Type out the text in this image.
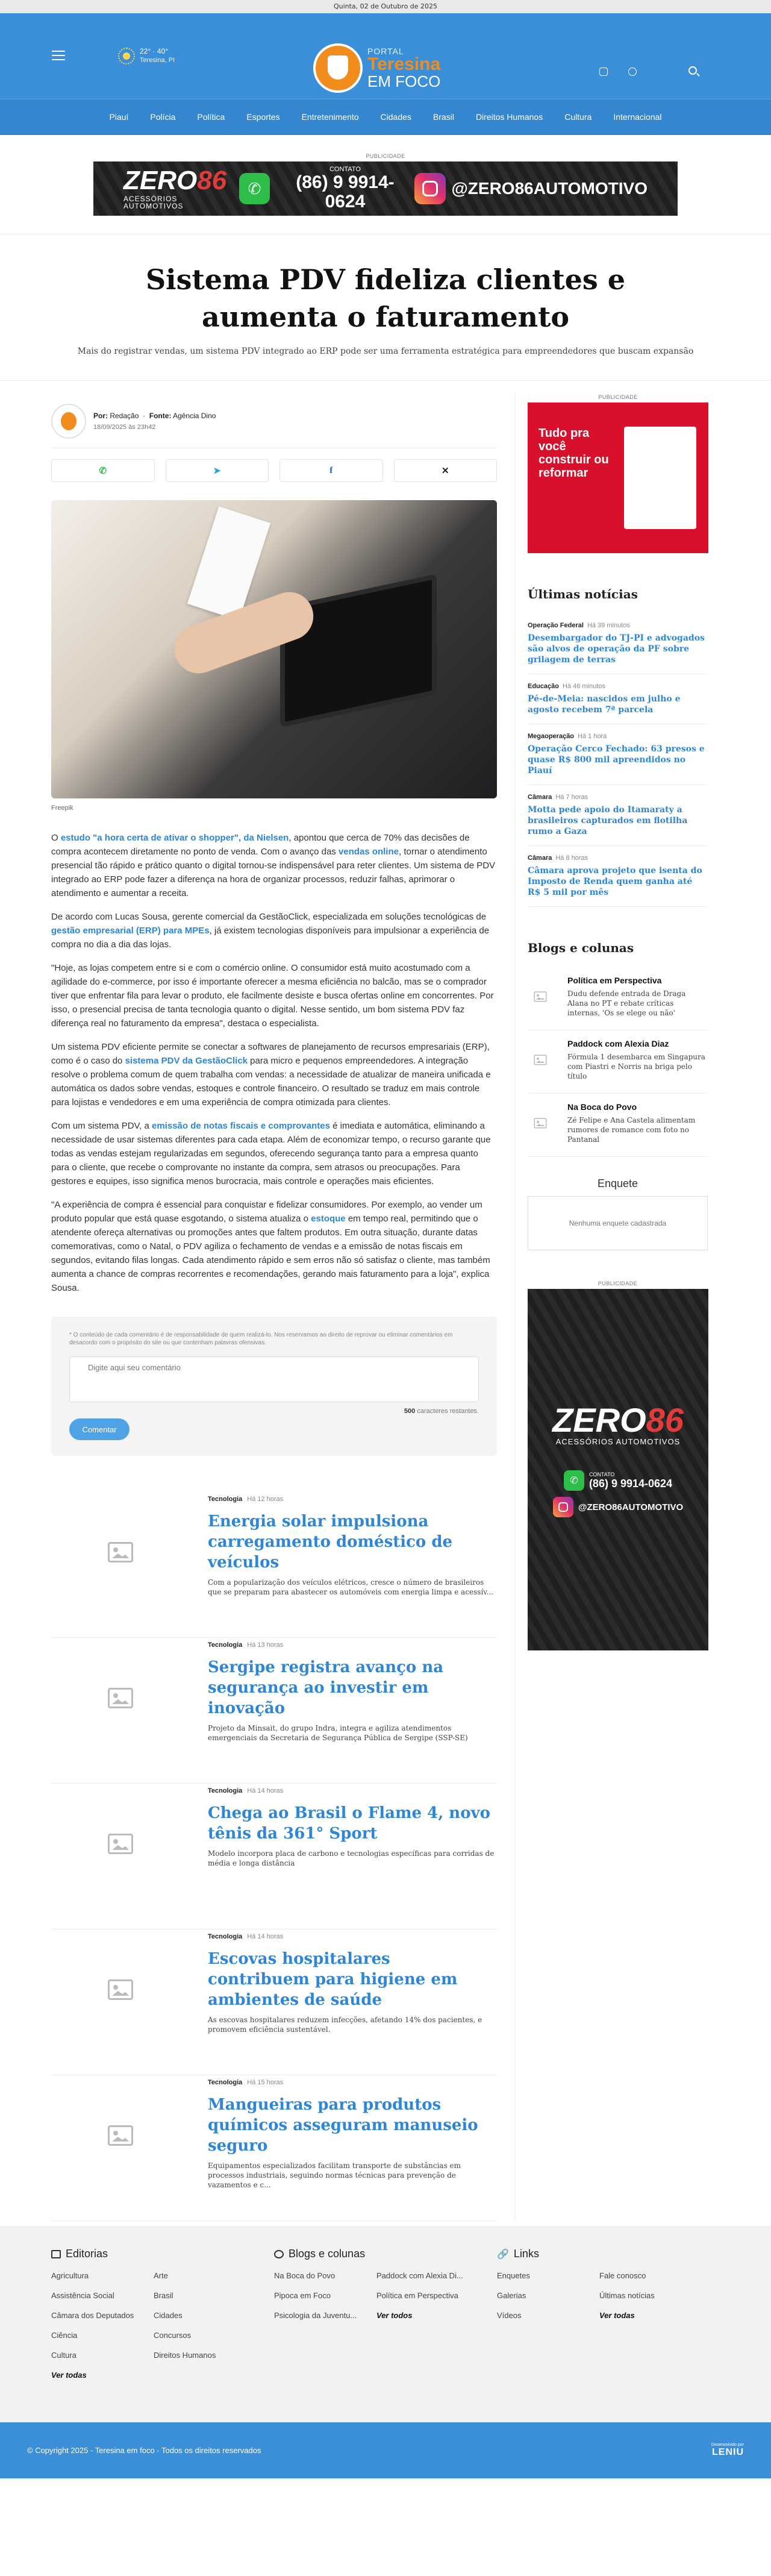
Quinta, 02 de Outubro de 2025
22° · 40°
Teresina, PI
PORTAL
Teresina
EM FOCO
Piauí	Polícia	Política	Esportes	Entretenimento	Cidades	Brasil	Direitos Humanos	Cultura	Internacional
PUBLICIDADE
ZERO86
ACESSÓRIOS AUTOMOTIVOS
✆
CONTATO
(86) 9 9914-0624
@ZERO86AUTOMOTIVO
Sistema PDV fideliza clientes e aumenta o faturamento

Mais do registrar vendas, um sistema PDV integrado ao ERP pode ser uma ferramenta estratégica para empreendedores que buscam expansão

Por: Redação  ·  Fonte: Agência Dino
18/09/2025 às 23h42
✆	➤	f	✕
Freepik

O estudo "a hora certa de ativar o shopper", da Nielsen, apontou que cerca de 70% das decisões de compra acontecem diretamente no ponto de venda. Com o avanço das vendas online, tornar o atendimento presencial tão rápido e prático quanto o digital tornou-se indispensável para reter clientes. Um sistema de PDV integrado ao ERP pode fazer a diferença na hora de organizar processos, reduzir falhas, aprimorar o atendimento e aumentar a receita.

De acordo com Lucas Sousa, gerente comercial da GestãoClick, especializada em soluções tecnológicas de gestão empresarial (ERP) para MPEs, já existem tecnologias disponíveis para impulsionar a experiência de compra no dia a dia das lojas.

"Hoje, as lojas competem entre si e com o comércio online. O consumidor está muito acostumado com a agilidade do e-commerce, por isso é importante oferecer a mesma eficiência no balcão, mas se o comprador tiver que enfrentar fila para levar o produto, ele facilmente desiste e busca ofertas online em concorrentes. Por isso, o presencial precisa de tanta tecnologia quanto o digital. Nesse sentido, um bom sistema PDV faz diferença real no faturamento da empresa", destaca o especialista.

Um sistema PDV eficiente permite se conectar a softwares de planejamento de recursos empresariais (ERP), como é o caso do sistema PDV da GestãoClick para micro e pequenos empreendedores. A integração resolve o problema comum de quem trabalha com vendas: a necessidade de atualizar de maneira unificada e automática os dados sobre vendas, estoques e controle financeiro. O resultado se traduz em mais controle para lojistas e vendedores e em uma experiência de compra otimizada para clientes.

Com um sistema PDV, a emissão de notas fiscais e comprovantes é imediata e automática, eliminando a necessidade de usar sistemas diferentes para cada etapa. Além de economizar tempo, o recurso garante que todas as vendas estejam regularizadas em segundos, oferecendo segurança tanto para a empresa quanto para o cliente, que recebe o comprovante no instante da compra, sem atrasos ou preocupações. Para gestores e equipes, isso significa menos burocracia, mais controle e operações mais eficientes.

"A experiência de compra é essencial para conquistar e fidelizar consumidores. Por exemplo, ao vender um produto popular que está quase esgotando, o sistema atualiza o estoque em tempo real, permitindo que o atendente ofereça alternativas ou promoções antes que faltem produtos. Em outra situação, durante datas comemorativas, como o Natal, o PDV agiliza o fechamento de vendas e a emissão de notas fiscais em segundos, evitando filas longas. Cada atendimento rápido e sem erros não só satisfaz o cliente, mas também aumenta a chance de compras recorrentes e recomendações, gerando mais faturamento para a loja", explica Sousa.

* O conteúdo de cada comentário é de responsabilidade de quem realizá-lo. Nos reservamos ao direito de reprovar ou eliminar comentários em desacordo com o propósito do site ou que contenham palavras ofensivas.
Digite aqui seu comentário
500 caracteres restantes.
Comentar
Tecnologia Há 12 horas
Energia solar impulsiona carregamento doméstico de veículos
Com a popularização dos veículos elétricos, cresce o número de brasileiros que se preparam para abastecer os automóveis com energia limpa e acessív...
Tecnologia Há 13 horas
Sergipe registra avanço na segurança ao investir em inovação
Projeto da Minsait, do grupo Indra, integra e agiliza atendimentos emergenciais da Secretaria de Segurança Pública de Sergipe (SSP-SE)
Tecnologia Há 14 horas
Chega ao Brasil o Flame 4, novo tênis da 361° Sport
Modelo incorpora placa de carbono e tecnologias específicas para corridas de média e longa distância
Tecnologia Há 14 horas
Escovas hospitalares contribuem para higiene em ambientes de saúde
As escovas hospitalares reduzem infecções, afetando 14% dos pacientes, e promovem eficiência sustentável.
Tecnologia Há 15 horas
Mangueiras para produtos químicos asseguram manuseio seguro
Equipamentos especializados facilitam transporte de substâncias em processos industriais, seguindo normas técnicas para prevenção de vazamentos e c...
PUBLICIDADE
Tudo pra você construir ou reformar
Últimas notícias
Operação Federal Há 39 minutos
Desembargador do TJ-PI e advogados são alvos de operação da PF sobre grilagem de terras
Educação Há 46 minutos
Pé-de-Meia: nascidos em julho e agosto recebem 7ª parcela
Megaoperação Há 1 hora
Operação Cerco Fechado: 63 presos e quase R$ 800 mil apreendidos no Piauí
Câmara Há 7 horas
Motta pede apoio do Itamaraty a brasileiros capturados em flotilha rumo a Gaza
Câmara Há 8 horas
Câmara aprova projeto que isenta do Imposto de Renda quem ganha até R$ 5 mil por mês
Blogs e colunas
Política em Perspectiva
Dudu defende entrada de Draga Alana no PT e rebate críticas internas, 'Os se elege ou não'
Paddock com Alexia Diaz
Fórmula 1 desembarca em Singapura com Piastri e Norris na briga pelo título
Na Boca do Povo
Zé Felipe e Ana Castela alimentam rumores de romance com foto no Pantanal
Enquete
Nenhuma enquete cadastrada
PUBLICIDADE
ZERO86
ACESSÓRIOS AUTOMOTIVOS
✆
CONTATO
(86) 9 9914-0624
@ZERO86AUTOMOTIVO
Editorias
Agricultura	Arte
Assistência Social	Brasil
Câmara dos Deputados	Cidades
Ciência	Concursos
Cultura	Direitos Humanos
Ver todas
Blogs e colunas
Na Boca do Povo	Paddock com Alexia Di...
Pipoca em Foco	Política em Perspectiva
Psicologia da Juventu...	Ver todos
🔗 Links
Enquetes	Fale conosco
Galerias	Últimas notícias
Vídeos	Ver todas
© Copyright 2025 - Teresina em foco - Todos os direitos reservados
Desenvolvido por
LENIU
